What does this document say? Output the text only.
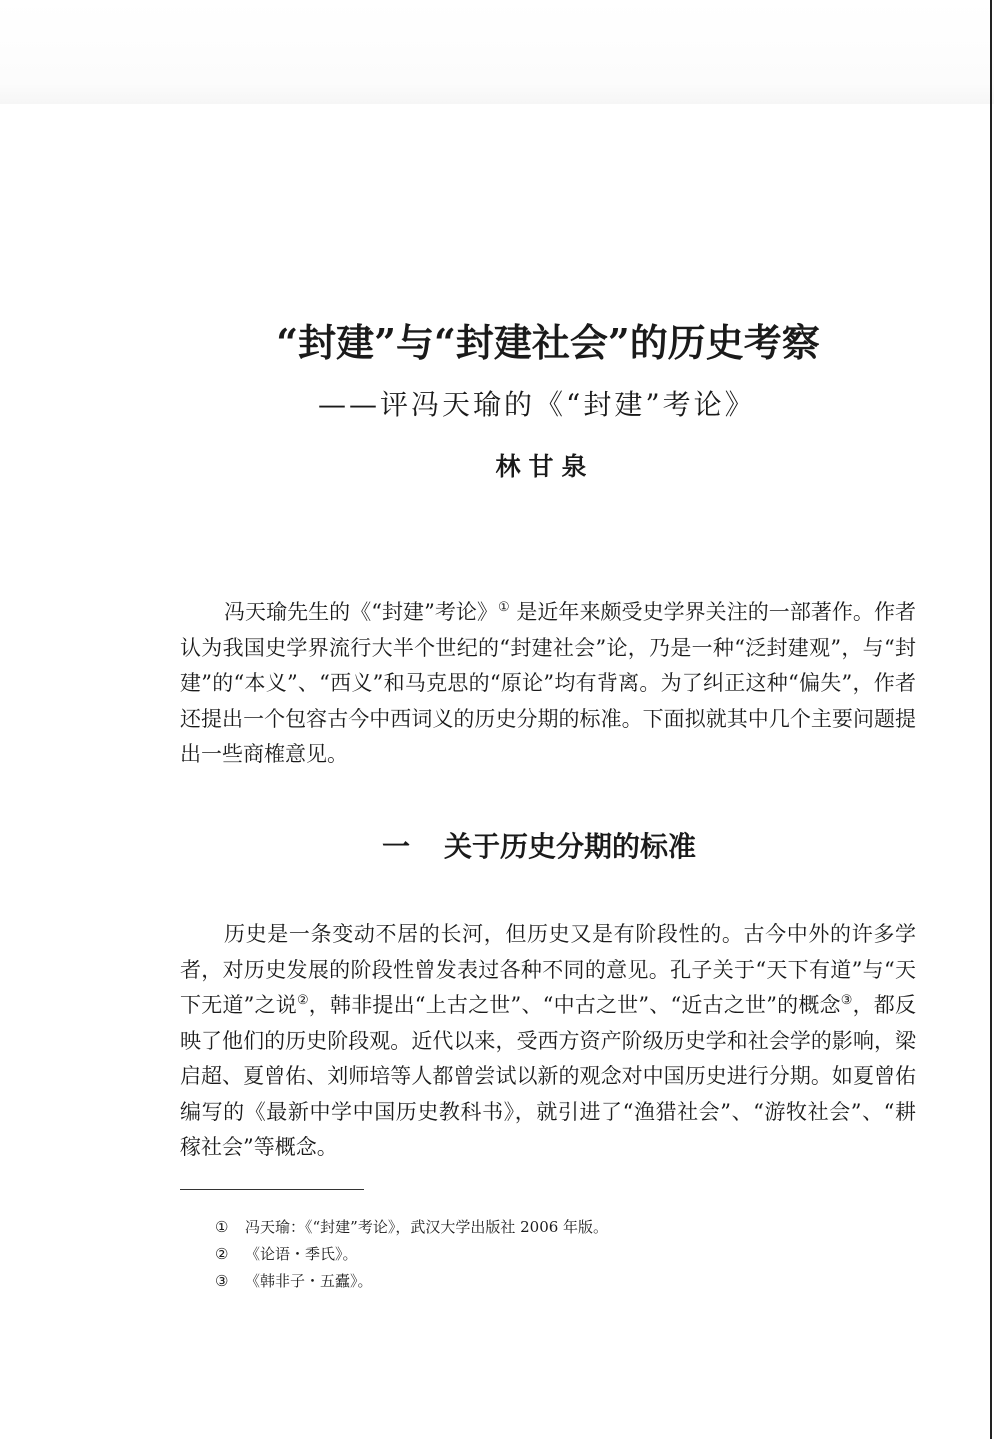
“封建”与“封建社会”的历史考察
——评冯天瑜的《“封建”考论》
林甘泉

冯天瑜先生的《“封建”考论》① 是近年来颇受史学界关注的一部著作。作者认为我国史学界流行大半个世纪的“封建社会”论，乃是一种“泛封建观”，与“封建”的“本义”、“西义”和马克思的“原论”均有背离。为了纠正这种“偏失”，作者还提出一个包容古今中西词义的历史分期的标准。下面拟就其中几个主要问题提出一些商榷意见。

一 关于历史分期的标准

历史是一条变动不居的长河，但历史又是有阶段性的。古今中外的许多学者，对历史发展的阶段性曾发表过各种不同的意见。孔子关于“天下有道”与“天下无道”之说②，韩非提出“上古之世”、“中古之世”、“近古之世”的概念③，都反映了他们的历史阶段观。近代以来，受西方资产阶级历史学和社会学的影响，梁启超、夏曾佑、刘师培等人都曾尝试以新的观念对中国历史进行分期。如夏曾佑编写的《最新中学中国历史教科书》，就引进了“渔猎社会”、“游牧社会”、“耕稼社会”等概念。

① 冯天瑜：《“封建”考论》，武汉大学出版社 2006 年版。
② 《论语・季氏》。
③ 《韩非子・五蠹》。
